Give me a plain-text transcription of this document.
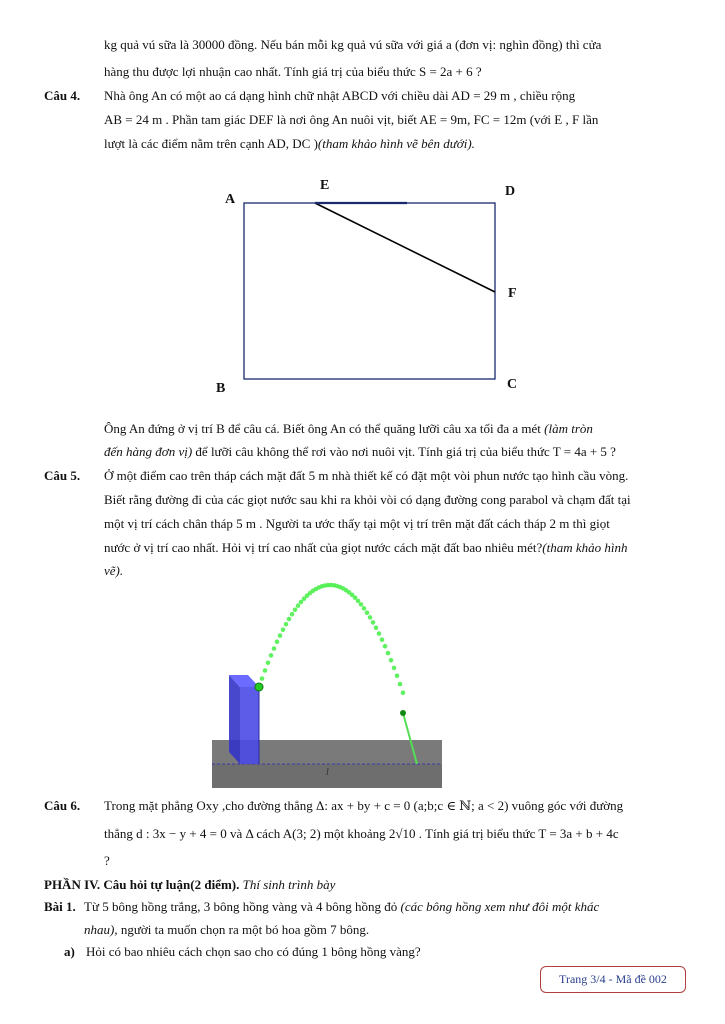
kg quả vú sữa là 30000 đồng. Nếu bán mỗi kg quả vú sữa với giá a (đơn vị: nghìn đồng) thì cửa
hàng thu được lợi nhuận cao nhất. Tính giá trị của biểu thức S = 2a + 6 ?
Câu 4. Nhà ông An có một ao cá dạng hình chữ nhật ABCD với chiều dài AD = 29 m , chiều rộng
AB = 24 m . Phần tam giác DEF là nơi ông An nuôi vịt, biết AE = 9m, FC = 12m (với E , F lần
lượt là các điểm nằm trên cạnh AD, DC )(tham khảo hình vẽ bên dưới).
A
E	D
F
B	C
Ông An đứng ở vị trí B để câu cá. Biết ông An có thể quăng lưỡi câu xa tối đa a mét (làm tròn
đến hàng đơn vị) để lưỡi câu không thể rơi vào nơi nuôi vịt. Tính giá trị của biểu thức T = 4a + 5 ?
Câu 5. Ở một điểm cao trên tháp cách mặt đất 5 m nhà thiết kế có đặt một vòi phun nước tạo hình cầu vòng.
Biết rằng đường đi của các giọt nước sau khi ra khỏi vòi có dạng đường cong parabol và chạm đất tại
một vị trí cách chân tháp 5 m . Người ta ước thấy tại một vị trí trên mặt đất cách tháp 2 m thì giọt
nước ở vị trí cao nhất. Hỏi vị trí cao nhất của giọt nước cách mặt đất bao nhiêu mét?(tham khảo hình
vẽ).
l
Câu 6. Trong mặt phẳng Oxy ,cho đường thẳng Δ: ax + by + c = 0 (a;b;c ∈ ℕ; a < 2) vuông góc với đường
thẳng d : 3x − y + 4 = 0 và Δ cách A(3; 2) một khoảng 2√10 . Tính giá trị biểu thức T = 3a + b + 4c
?
PHẦN IV. Câu hỏi tự luận(2 điểm). Thí sinh trình bày
Bài 1. Từ 5 bông hồng trắng, 3 bông hồng vàng và 4 bông hồng đỏ (các bông hồng xem như đôi một khác
nhau), người ta muốn chọn ra một bó hoa gồm 7 bông.
a) Hỏi có bao nhiêu cách chọn sao cho có đúng 1 bông hồng vàng?
Trang 3/4 - Mã đề 002
